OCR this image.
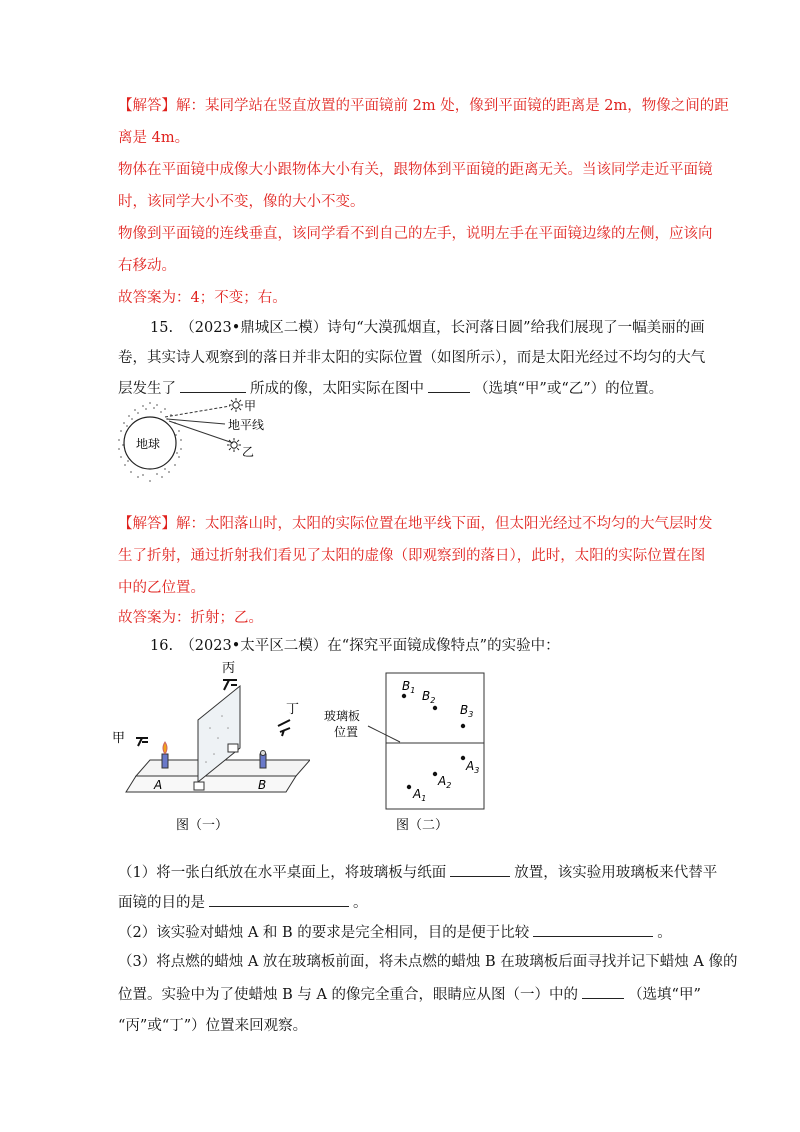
【解答】解：某同学站在竖直放置的平面镜前 2m 处，像到平面镜的距离是 2m，物像之间的距
离是 4m。
物体在平面镜中成像大小跟物体大小有关，跟物体到平面镜的距离无关。当该同学走近平面镜
时，该同学大小不变，像的大小不变。
物像到平面镜的连线垂直，该同学看不到自己的左手，说明左手在平面镜边缘的左侧，应该向
右移动。
故答案为：4；不变；右。
15.　（2023•鼎城区二模）诗句“大漠孤烟直，长河落日圆”给我们展现了一幅美丽的画
卷，其实诗人观察到的落日并非太阳的实际位置（如图所示），而是太阳光经过不均匀的大气
层发生了	所成的像，太阳实际在图中	（选填“甲”或“乙”）的位置。
地球
甲
地平线
乙
【解答】解：太阳落山时，太阳的实际位置在地平线下面，但太阳光经过不均匀的大气层时发
生了折射，通过折射我们看见了太阳的虚像（即观察到的落日），此时，太阳的实际位置在图
中的乙位置。
故答案为：折射；乙。
16.　（2023•太平区二模）在“探究平面镜成像特点”的实验中：
丙
丁
甲
A	B
图（一）
玻璃板
位置
$B_1$ $B_2$
$B_3$
$A_3$
$A_2$
$A_1$
图（二）
（1）将一张白纸放在水平桌面上，将玻璃板与纸面	放置，该实验用玻璃板来代替平
面镜的目的是	。
（2）该实验对蜡烛 A 和 B 的要求是完全相同，目的是便于比较	。
（3）将点燃的蜡烛 A 放在玻璃板前面，将未点燃的蜡烛 B 在玻璃板后面寻找并记下蜡烛 A 像的
位置。实验中为了使蜡烛 B 与 A 的像完全重合，眼睛应从图（一）中的	（选填“甲”
“丙”或“丁”）位置来回观察。
